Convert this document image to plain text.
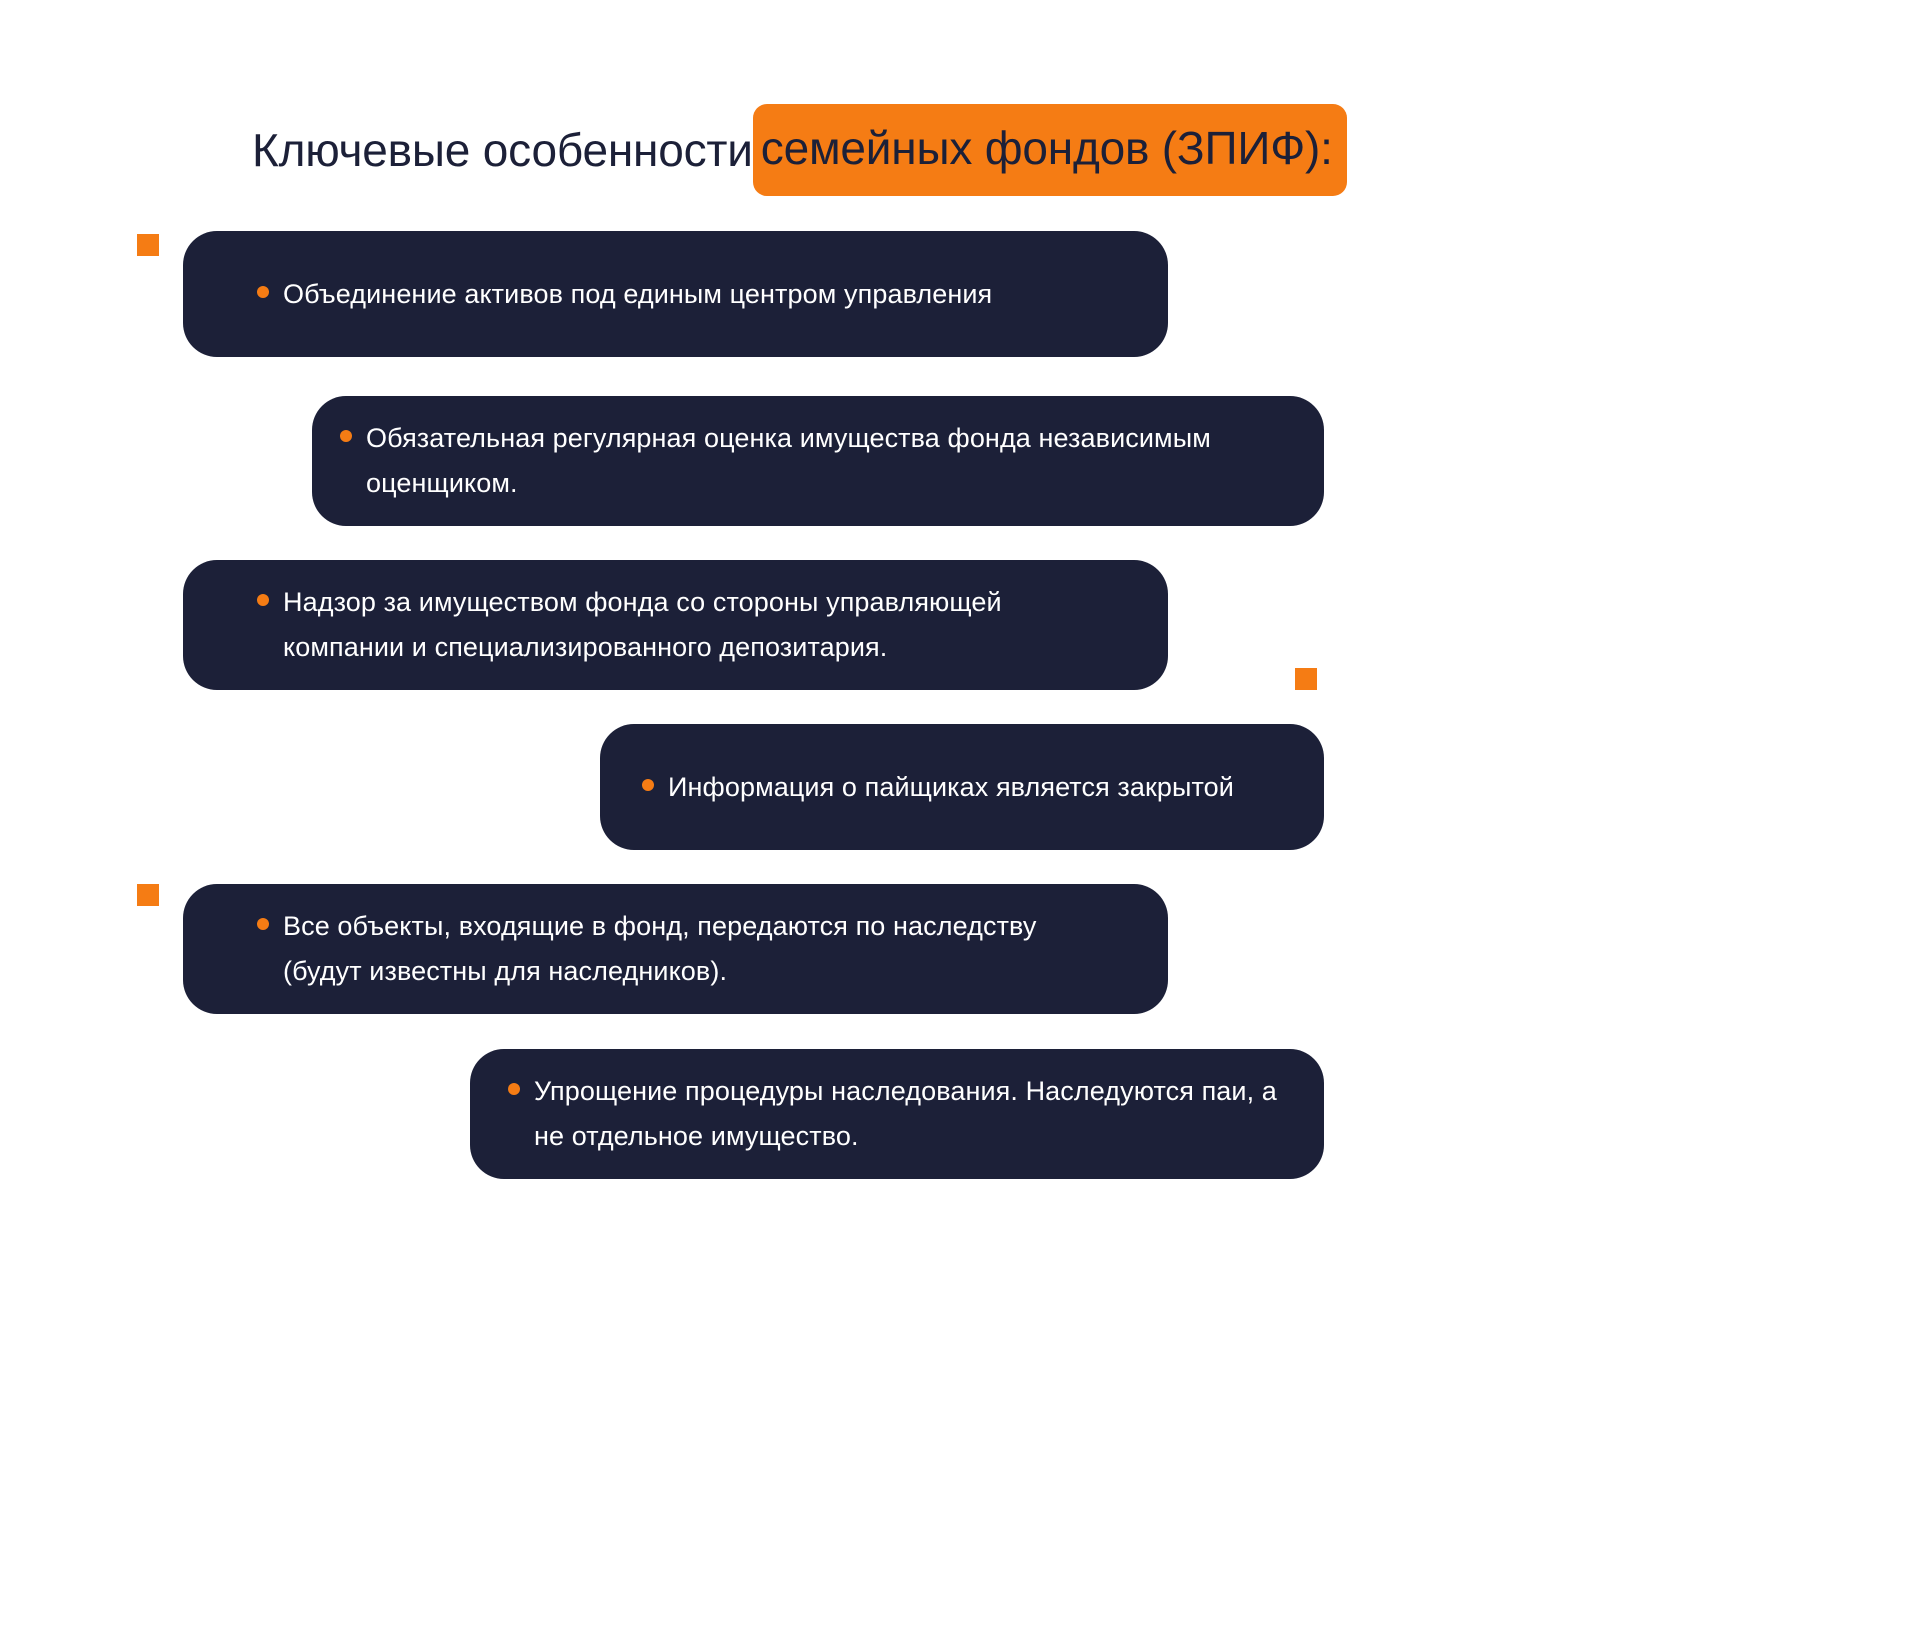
Ключевые особенности семейных фондов (ЗПИФ):
Объединение активов под единым центром управления
Обязательная регулярная оценка имущества фонда независимым оценщиком.
Надзор за имуществом фонда со стороны управляющей компании и специализированного депозитария.
Информация о пайщиках является закрытой
Все объекты, входящие в фонд, передаются по наследству (будут известны для наследников).
Упрощение процедуры наследования. Наследуются паи, а не отдельное имущество.
